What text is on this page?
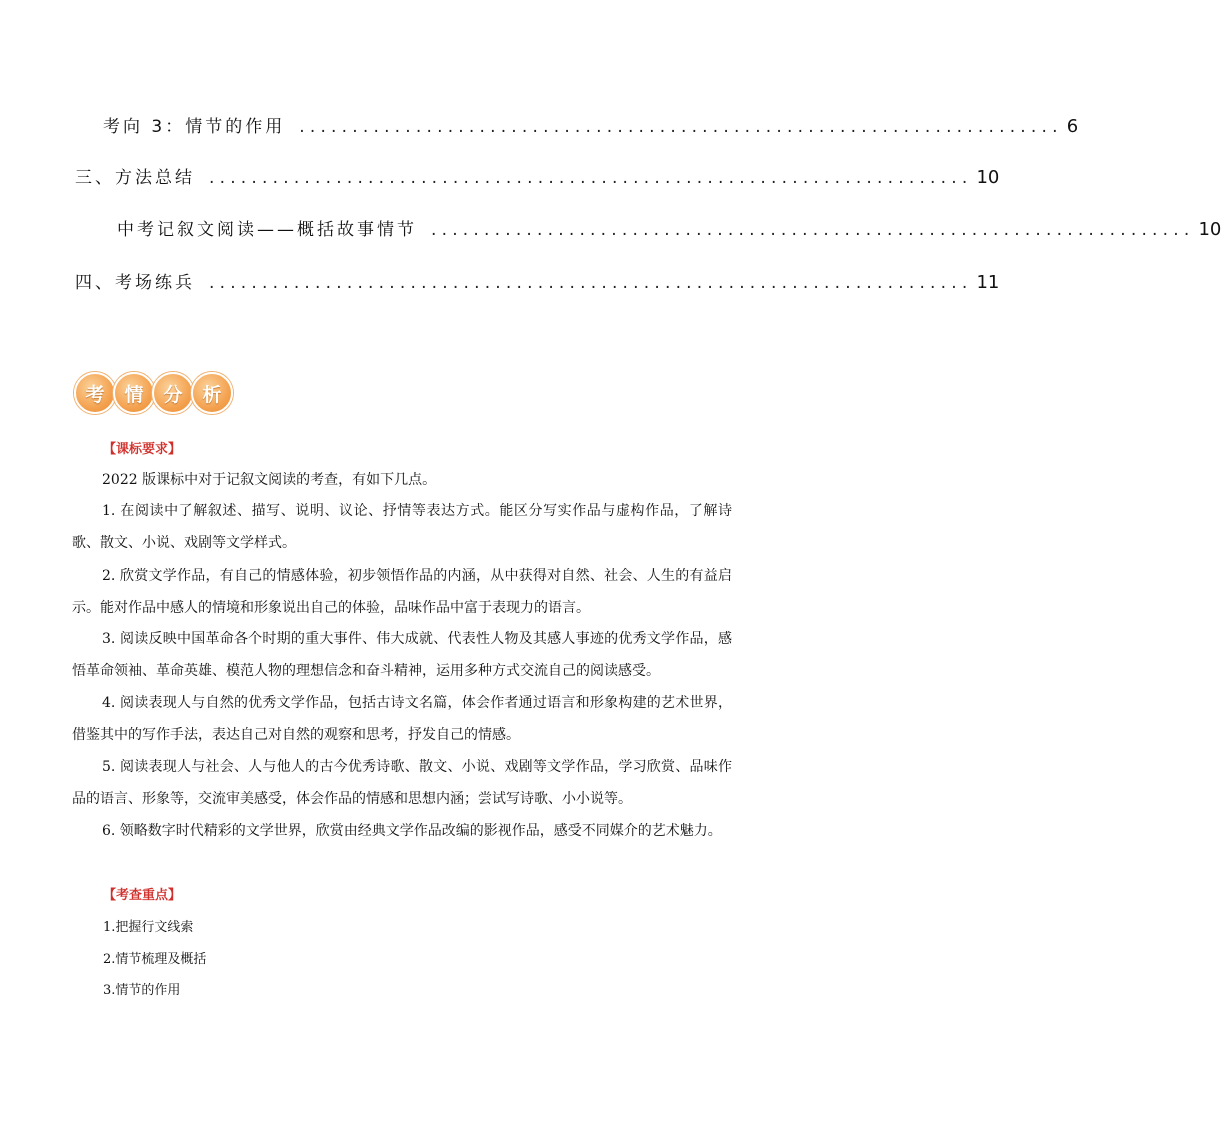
考向 3：情节的作用 ........................................................................ 6
三、方法总结 ........................................................................ 10
中考记叙文阅读——概括故事情节 ........................................................................ 10
四、考场练兵 ........................................................................ 11
考	情	分	析
【课标要求】

2022 版课标中对于记叙文阅读的考查，有如下几点。

1. 在阅读中了解叙述、描写、说明、议论、抒情等表达方式。能区分写实作品与虚构作品，了解诗歌、散文、小说、戏剧等文学样式。

2. 欣赏文学作品，有自己的情感体验，初步领悟作品的内涵，从中获得对自然、社会、人生的有益启示。能对作品中感人的情境和形象说出自己的体验，品味作品中富于表现力的语言。

3. 阅读反映中国革命各个时期的重大事件、伟大成就、代表性人物及其感人事迹的优秀文学作品，感悟革命领袖、革命英雄、模范人物的理想信念和奋斗精神，运用多种方式交流自己的阅读感受。

4. 阅读表现人与自然的优秀文学作品，包括古诗文名篇，体会作者通过语言和形象构建的艺术世界，借鉴其中的写作手法，表达自己对自然的观察和思考，抒发自己的情感。

5. 阅读表现人与社会、人与他人的古今优秀诗歌、散文、小说、戏剧等文学作品，学习欣赏、品味作品的语言、形象等，交流审美感受，体会作品的情感和思想内涵；尝试写诗歌、小小说等。

6. 领略数字时代精彩的文学世界，欣赏由经典文学作品改编的影视作品，感受不同媒介的艺术魅力。

【考查重点】
1.把握行文线索
2.情节梳理及概括
3.情节的作用
